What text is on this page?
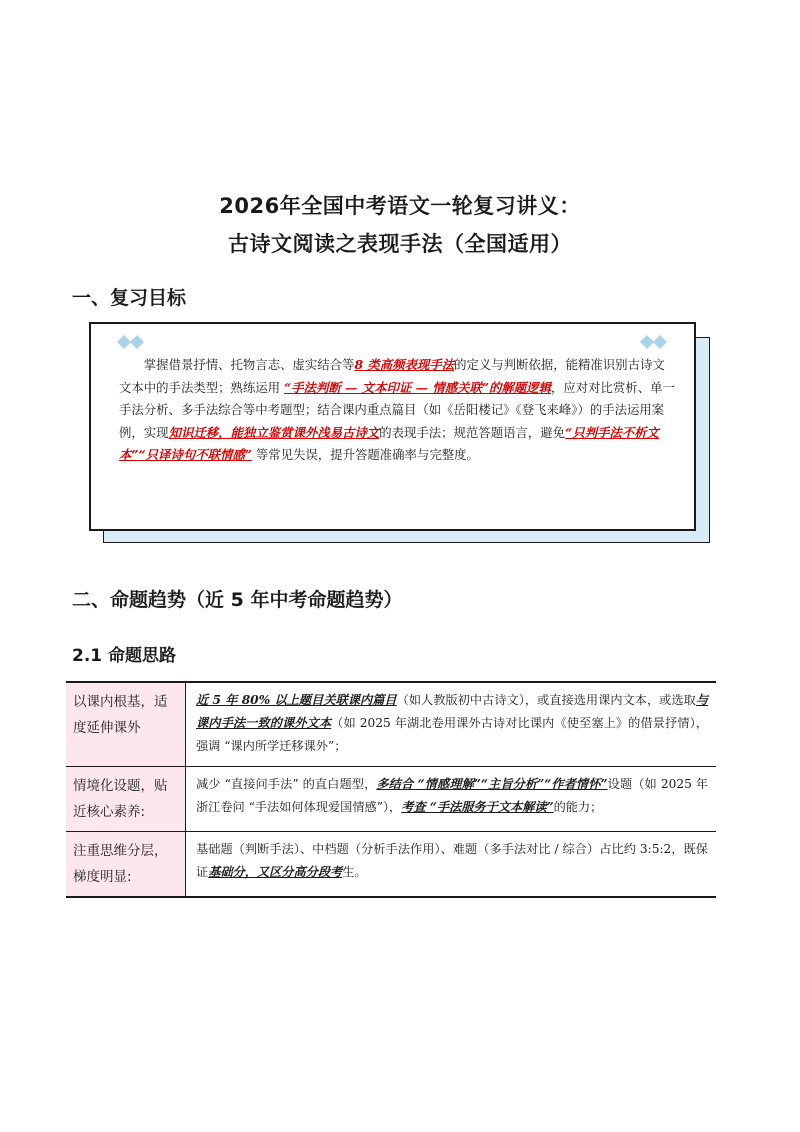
2026年全国中考语文一轮复习讲义：
古诗文阅读之表现手法（全国适用）
一、复习目标
掌握借景抒情、托物言志、虚实结合等8 类高频表现手法的定义与判断依据，能精准识别古诗文文本中的手法类型；熟练运用 “手法判断 — 文本印证 — 情感关联”的解题逻辑，应对对比赏析、单一手法分析、多手法综合等中考题型；结合课内重点篇目（如《岳阳楼记》《登飞来峰》）的手法运用案例，实现知识迁移，能独立鉴赏课外浅易古诗文的表现手法；规范答题语言，避免“只判手法不析文本”“只译诗句不联情感” 等常见失误，提升答题准确率与完整度。
二、命题趋势（近 5 年中考命题趋势）
2.1 命题思路
以课内根基，适度延伸课外	近 5 年 80% 以上题目关联课内篇目（如人教版初中古诗文），或直接选用课内文本，或选取与课内手法一致的课外文本（如 2025 年湖北卷用课外古诗对比课内《使至塞上》的借景抒情），强调 “课内所学迁移课外”；
情境化设题，贴近核心素养:	减少 “直接问手法” 的直白题型，多结合 “情感理解”“主旨分析”“作者情怀”设题（如 2025 年浙江卷问 “手法如何体现爱国情感”），考查 “手法服务于文本解读”的能力；
注重思维分层，梯度明显:	基础题（判断手法）、中档题（分析手法作用）、难题（多手法对比 / 综合）占比约 3:5:2，既保证基础分，又区分高分段考生。
